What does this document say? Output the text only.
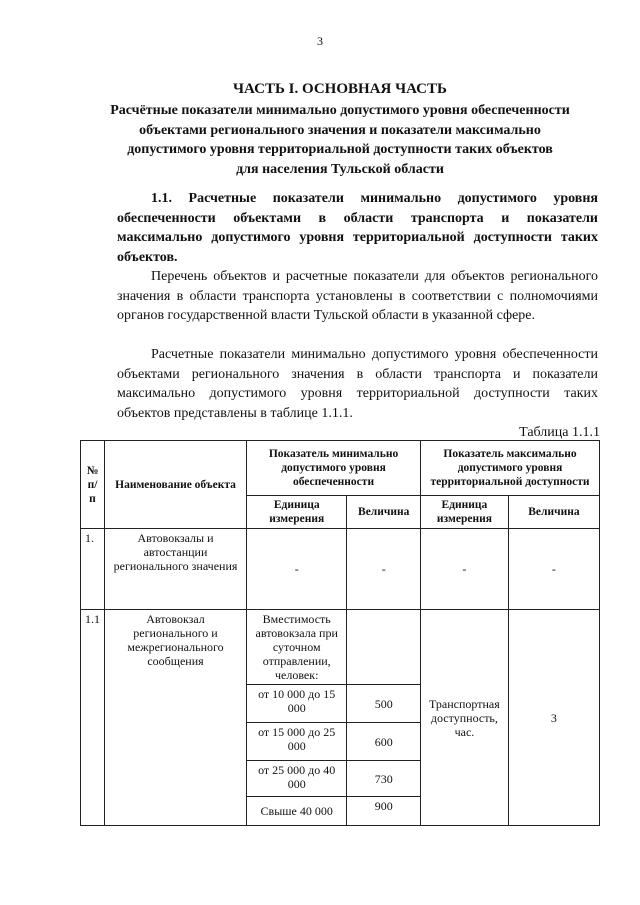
3
ЧАСТЬ I. ОСНОВНАЯ ЧАСТЬ
Расчётные показатели минимально допустимого уровня обеспеченности
объектами регионального значения и показатели максимально
допустимого уровня территориальной доступности таких объектов
для населения Тульской области
1.1. Расчетные показатели минимально допустимого уровня обеспеченности объектами в области транспорта и показатели максимально допустимого уровня территориальной доступности таких объектов.
Перечень объектов и расчетные показатели для объектов регионального значения в области транспорта установлены в соответствии с полномочиями органов государственной власти Тульской области в указанной сфере.
Расчетные показатели минимально допустимого уровня обеспеченности объектами регионального значения в области транспорта и показатели максимально допустимого уровня территориальной доступности таких объектов представлены в таблице 1.1.1.
Таблица 1.1.1
№ п/п	Наименование объекта	Показатель минимально допустимого уровня обеспеченности		Показатель максимально допустимого уровня территориальной доступности	
		Единица измерения	Величина	Единица измерения	Величина
1.	Автовокзалы и автостанции регионального значения	-	-	-	-
1.1	Автовокзал регионального и межрегионального сообщения	Вместимость автовокзала при суточном отправлении, человек:		Транспортная доступность, час.	3
		от 10 000 до 15 000	500		
		от 15 000 до 25 000	600		
		от 25 000 до 40 000	730		
		Свыше 40 000	900		
